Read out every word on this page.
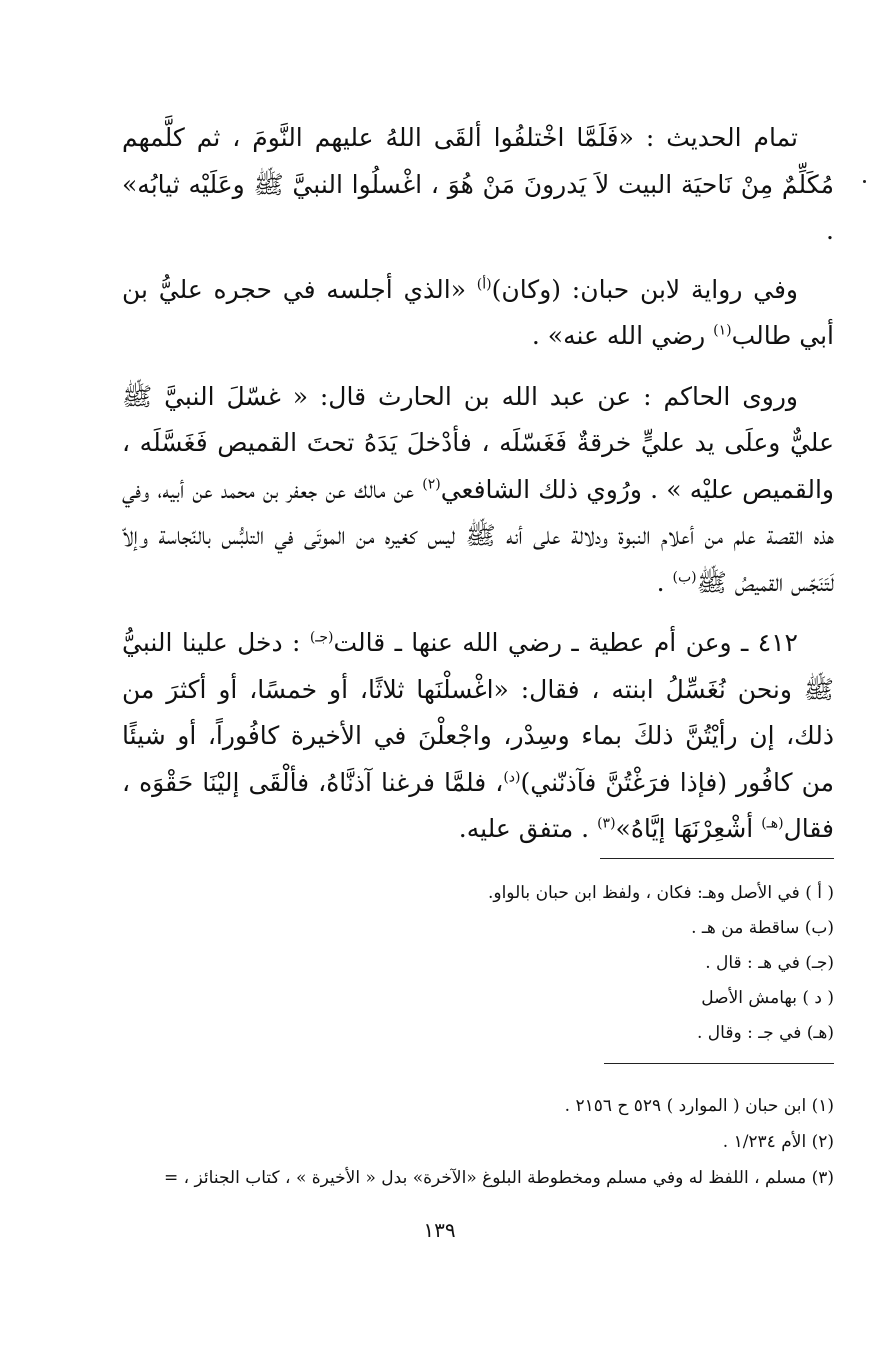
تمام الحديث : «فَلَمَّا اخْتلفُوا ألقَى اللهُ عليهم النَّومَ ، ثم كلَّمهم مُكَلِّمٌ مِنْ نَاحيَة البيت لاَ يَدرونَ مَنْ هُوَ ، اغْسلُوا النبيَّ ﷺ وعَلَيْه ثيابُه» .

وفي رواية لابن حبان: (وكان)$^{(أ)}$ «الذي أجلسه في حجره عليُّ بن أبي طالب$^{(١)}$ رضي الله عنه» .

وروى الحاكم : عن عبد الله بن الحارث قال: « غسّلَ النبيَّ ﷺ عليٌّ وعلَى يد عليٍّ خرقةٌ فَغَسّلَه ، فأدْخلَ يَدَهُ تحتَ القميص فَغَسَّلَه ، والقميص عليْه » . ورُوي ذلك الشافعي$^{(٢)}$ عن مالك عن جعفر بن محمد عن أبيه، وفي هذه القصة علم من أعلام النبوة ودلالة على أنه ﷺ ليس كغيره من الموتَى في التلبُّس بالنّجاسة وإلاّ لَتَنَجّس القميصُ ﷺ$^{(ب)}$ .

٤١٢ ـ وعن أم عطية ـ رضي الله عنها ـ قالت$^{(جـ)}$ : دخل علينا النبيُّ ﷺ ونحن نُغَسِّلُ ابنته ، فقال: «اغْسلْنَها ثلاثًا، أو خمسًا، أو أكثرَ من ذلك، إن رأيْتُنَّ ذلكَ بماء وسِدْر، واجْعلْنَ في الأخيرة كافُوراً، أو شيئًا من كافُور (فإذا فرَغْتُنَّ فآذنّني)$^{(د)}$، فلمَّا فرغنا آذنَّاهُ، فألْقَى إليْنَا حَقْوَه ، فقال$^{(هـ)}$ أشْعِرْنَهَا إيَّاهُ»$^{(٣)}$ . متفق عليه.

( أ ) في الأصل وهـ: فكان ، ولفظ ابن حبان بالواو.
(ب) ساقطة من هـ .
(جـ) في هـ : قال .
( د ) بهامش الأصل
(هـ) في جـ : وقال .
(١) ابن حبان ( الموارد ) ٥٢٩ ح ٢١٥٦ .
(٢) الأم ١/٢٣٤ .
(٣) مسلم ، اللفظ له وفي مسلم ومخطوطة البلوغ «الآخرة» بدل « الأخيرة » ، كتاب الجنائز ، =
١٣٩
